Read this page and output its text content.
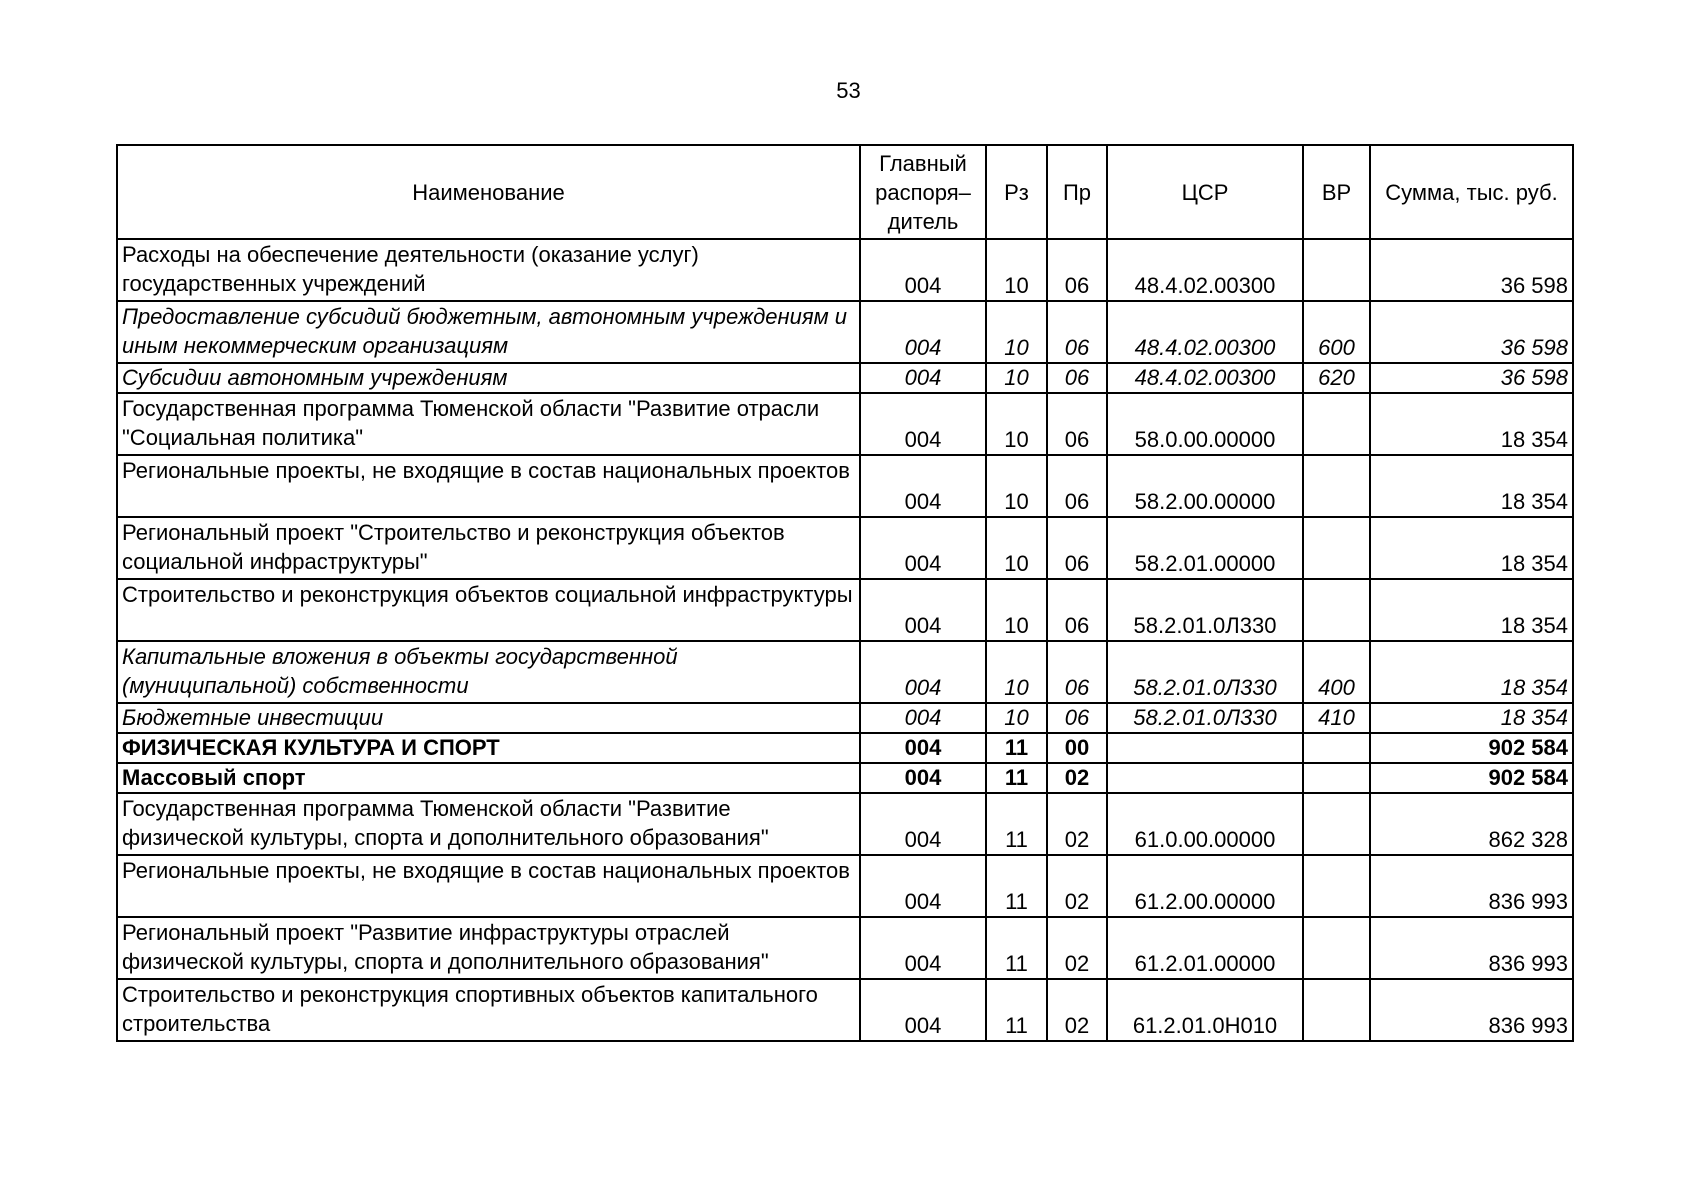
53
Наименование	Главный распоря– дитель	Рз	Пр	ЦСР	ВР	Сумма, тыс. руб.
Расходы на обеспечение деятельности (оказание услуг) государственных учреждений	004	10	06	48.4.02.00300		36 598
Предоставление субсидий бюджетным, автономным учреждениям и иным некоммерческим организациям	004	10	06	48.4.02.00300	600	36 598
Субсидии автономным учреждениям	004	10	06	48.4.02.00300	620	36 598
Государственная программа Тюменской области "Развитие отрасли "Социальная политика"	004	10	06	58.0.00.00000		18 354
Региональные проекты, не входящие в состав национальных проектов	004	10	06	58.2.00.00000		18 354
Региональный проект "Строительство и реконструкция объектов социальной инфраструктуры"	004	10	06	58.2.01.00000		18 354
Строительство и реконструкция объектов социальной инфраструктуры	004	10	06	58.2.01.0Л330		18 354
Капитальные вложения в объекты государственной (муниципальной) собственности	004	10	06	58.2.01.0Л330	400	18 354
Бюджетные инвестиции	004	10	06	58.2.01.0Л330	410	18 354
ФИЗИЧЕСКАЯ КУЛЬТУРА И СПОРТ	004	11	00			902 584
Массовый спорт	004	11	02			902 584
Государственная программа Тюменской области "Развитие физической культуры, спорта и дополнительного образования"	004	11	02	61.0.00.00000		862 328
Региональные проекты, не входящие в состав национальных проектов	004	11	02	61.2.00.00000		836 993
Региональный проект "Развитие инфраструктуры отраслей физической культуры, спорта и дополнительного образования"	004	11	02	61.2.01.00000		836 993
Строительство и реконструкция спортивных объектов капитального строительства	004	11	02	61.2.01.0Н010		836 993
